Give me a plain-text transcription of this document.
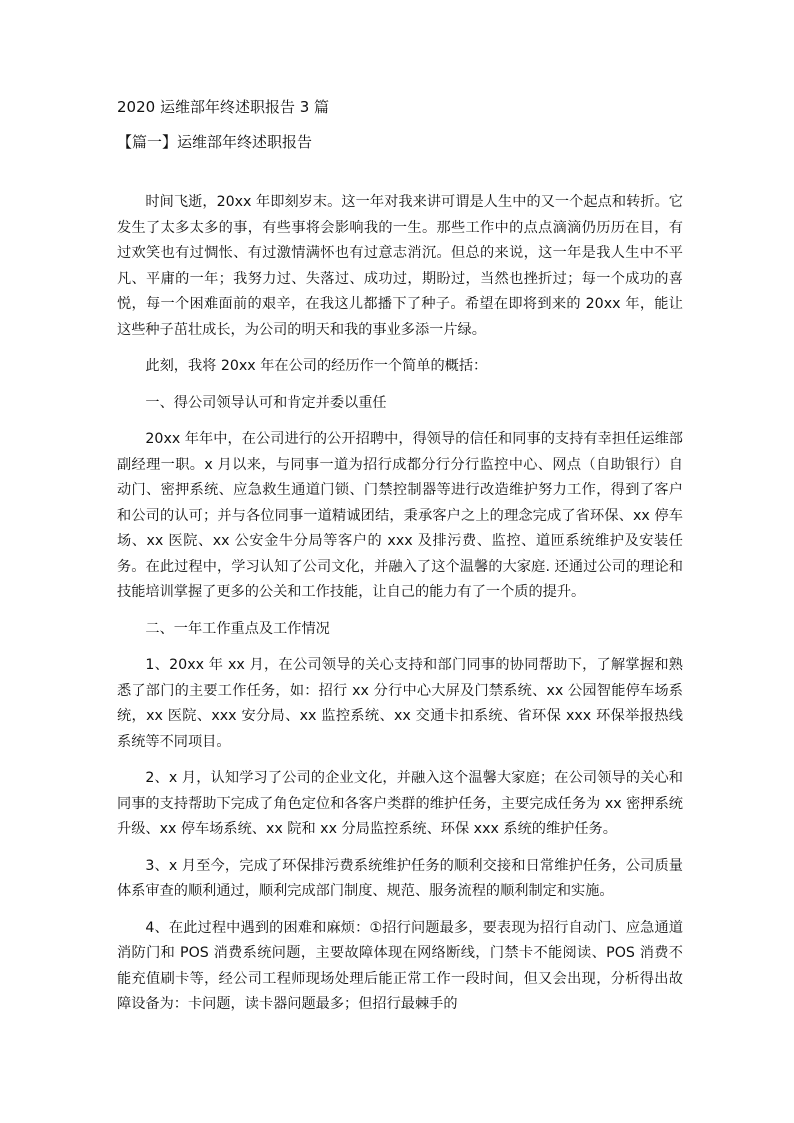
2020 运维部年终述职报告 3 篇
【篇一】运维部年终述职报告

时间飞逝，20xx 年即刻岁末。这一年对我来讲可谓是人生中的又一个起点和转折。它发生了太多太多的事，有些事将会影响我的一生。那些工作中的点点滴滴仍历历在目，有过欢笑也有过惆怅、有过激情满怀也有过意志消沉。但总的来说，这一年是我人生中不平凡、平庸的一年；我努力过、失落过、成功过，期盼过，当然也挫折过；每一个成功的喜悦，每一个困难面前的艰辛，在我这儿都播下了种子。希望在即将到来的 20xx 年，能让这些种子茁壮成长，为公司的明天和我的事业多添一片绿。

此刻，我将 20xx 年在公司的经历作一个简单的概括：

一、得公司领导认可和肯定并委以重任

20xx 年年中，在公司进行的公开招聘中，得领导的信任和同事的支持有幸担任运维部副经理一职。x 月以来，与同事一道为招行成都分行分行监控中心、网点（自助银行）自动门、密押系统、应急救生通道门锁、门禁控制器等进行改造维护努力工作，得到了客户和公司的认可；并与各位同事一道精诚团结，秉承客户之上的理念完成了省环保、xx 停车场、xx 医院、xx 公安金牛分局等客户的 xxx 及排污费、监控、道匝系统维护及安装任务。在此过程中，学习认知了公司文化，并融入了这个温馨的大家庭. 还通过公司的理论和技能培训掌握了更多的公关和工作技能，让自己的能力有了一个质的提升。

二、一年工作重点及工作情况

1、20xx 年 xx 月，在公司领导的关心支持和部门同事的协同帮助下，了解掌握和熟悉了部门的主要工作任务，如：招行 xx 分行中心大屏及门禁系统、xx 公园智能停车场系统，xx 医院、xxx 安分局、xx 监控系统、xx 交通卡扣系统、省环保 xxx 环保举报热线系统等不同项目。

2、x 月，认知学习了公司的企业文化，并融入这个温馨大家庭；在公司领导的关心和同事的支持帮助下完成了角色定位和各客户类群的维护任务，主要完成任务为 xx 密押系统升级、xx 停车场系统、xx 院和 xx 分局监控系统、环保 xxx 系统的维护任务。

3、x 月至今，完成了环保排污费系统维护任务的顺利交接和日常维护任务，公司质量体系审查的顺利通过，顺利完成部门制度、规范、服务流程的顺利制定和实施。

4、在此过程中遇到的困难和麻烦：①招行问题最多，要表现为招行自动门、应急通道消防门和 POS 消费系统问题，主要故障体现在网络断线，门禁卡不能阅读、POS 消费不能充值刷卡等，经公司工程师现场处理后能正常工作一段时间，但又会出现，分析得出故障设备为：卡问题，读卡器问题最多；但招行最棘手的
